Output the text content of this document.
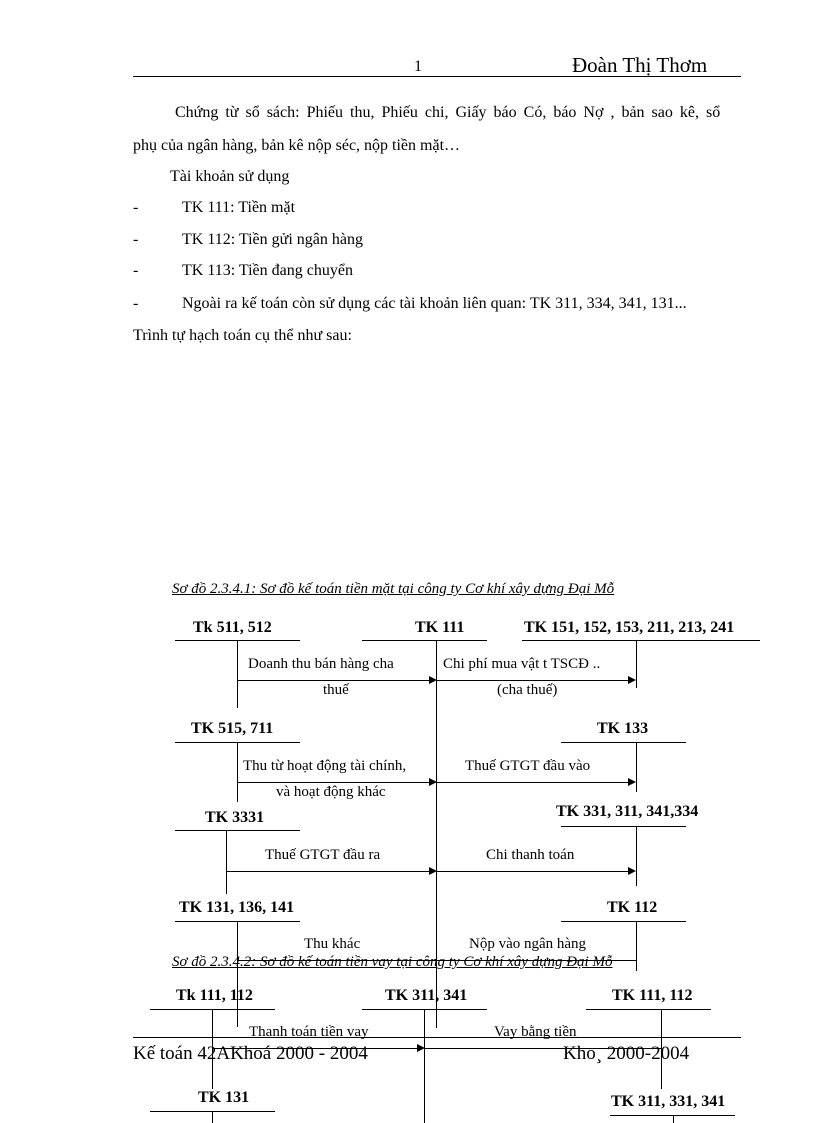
1	Đoàn Thị Thơm
Chứng từ sổ sách: Phiếu thu, Phiếu chi, Giấy báo Có, báo Nợ , bản sao kê, sổ
phụ của ngân hàng, bản kê nộp séc, nộp tiền mặt…
Tài khoản sử dụng
-	TK 111: Tiền mặt
-	TK 112: Tiền gửi ngân hàng
-	TK 113: Tiền đang chuyển
-	Ngoài ra kế toán còn sử dụng các tài khoản liên quan: TK 311, 334, 341, 131...
Trình tự hạch toán cụ thể như sau:
Sơ đồ 2.3.4.1: Sơ đồ kế toán tiền mặt tại công ty Cơ khí xây dựng Đại Mỗ
Tk 511, 512	TK 111	TK 151, 152, 153, 211, 213, 241
TK 515, 711	TK 133
TK 3331	TK 331, 311, 341,334
TK 131, 136, 141	TK 112
Doanh thu bán hàng cha
thuế
Chi phí mua vật t TSCĐ ..
(cha thuế)
Thu từ hoạt động tài chính,
và hoạt động khác
Thuế GTGT đầu vào
Thuế GTGT đầu ra	Chi thanh toán
Thu khác	Nộp vào ngân hàng
Sơ đồ 2.3.4.2: Sơ đồ kế toán tiền vay tại công ty Cơ khí xây dựng Đại Mỗ
Tk 111, 112	TK 311, 341	TK 111, 112
TK 131	TK 311, 331, 341
Thanh toán tiền vay	Vay bằng tiền
Kế toán 42AKhoá 2000 - 2004	Kho¸ 2000-2004
